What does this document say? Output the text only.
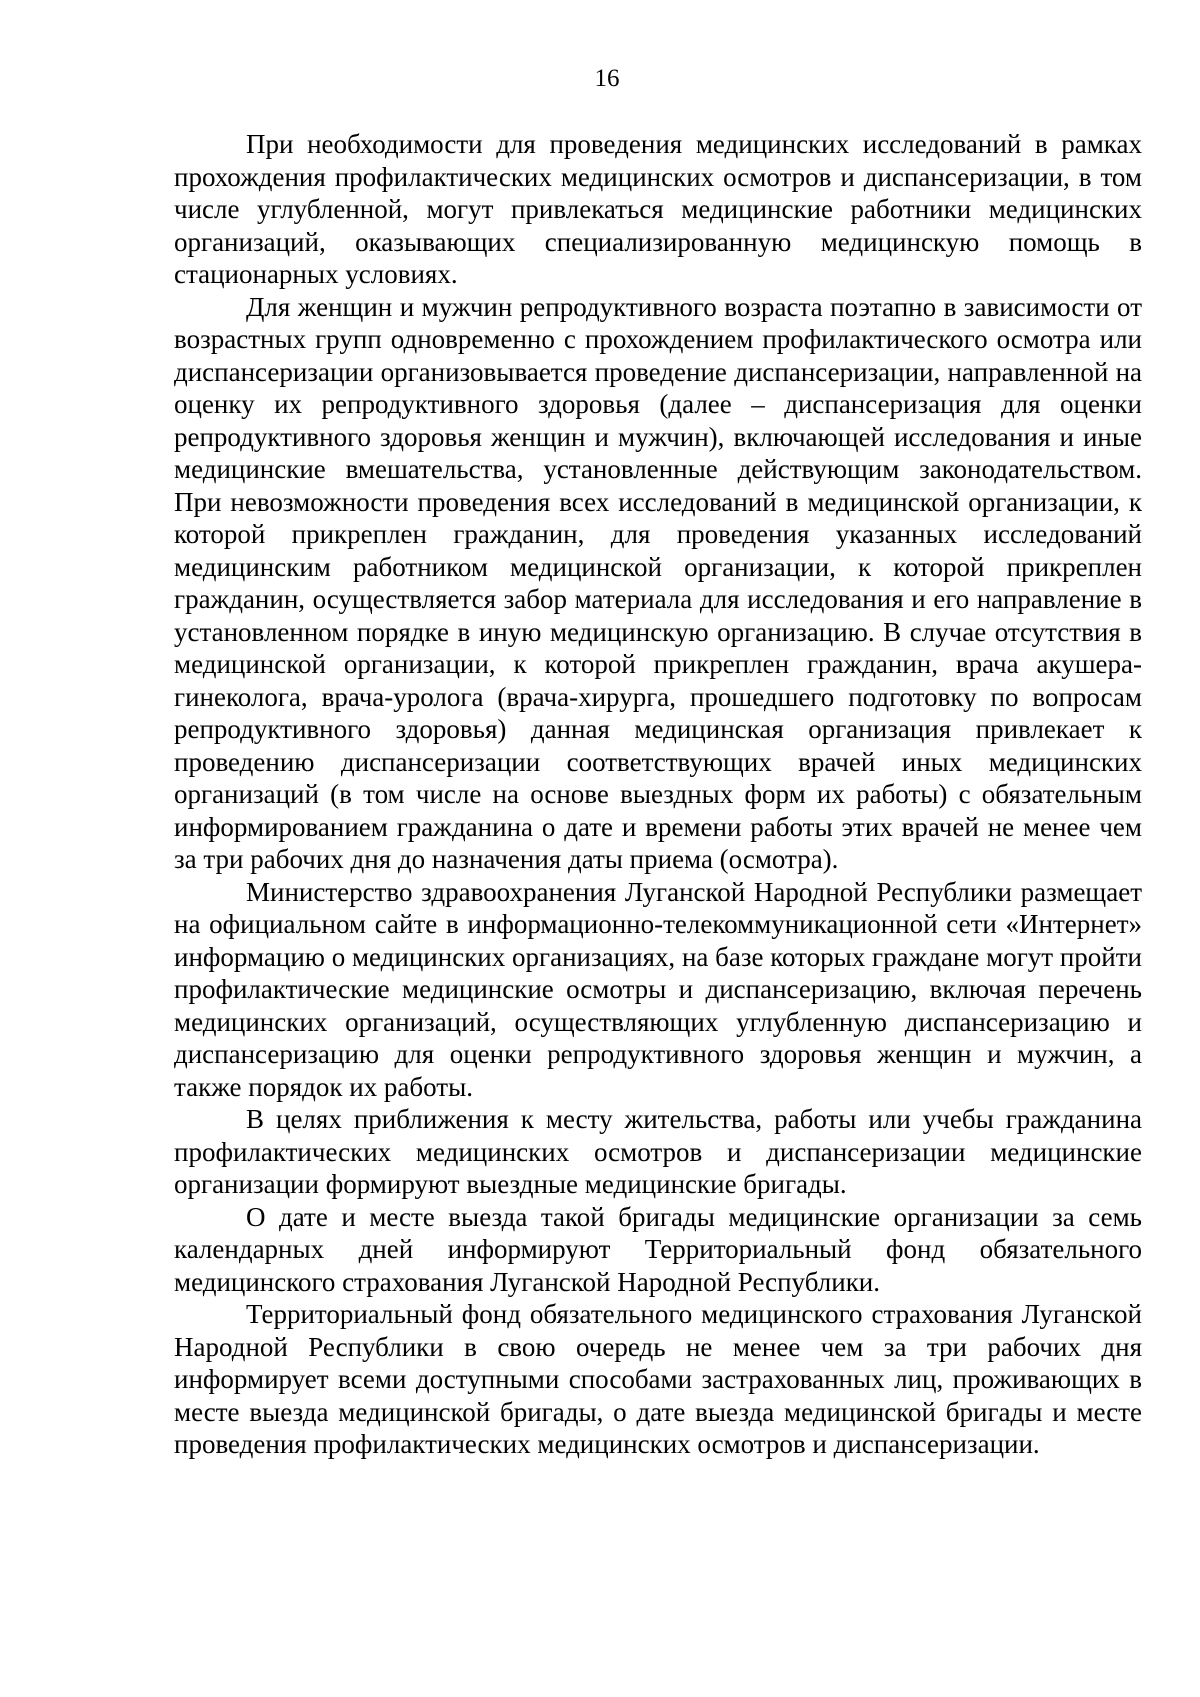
16

При необходимости для проведения медицинских исследований в рамках прохождения профилактических медицинских осмотров и диспансеризации, в том числе углубленной, могут привлекаться медицинские работники медицинских организаций, оказывающих специализированную медицинскую помощь в стационарных условиях.

Для женщин и мужчин репродуктивного возраста поэтапно в зависимости от возрастных групп одновременно с прохождением профилактического осмотра или диспансеризации организовывается проведение диспансеризации, направленной на оценку их репродуктивного здоровья (далее – диспансеризация для оценки репродуктивного здоровья женщин и мужчин), включающей исследования и иные медицинские вмешательства, установленные действующим законодательством. При невозможности проведения всех исследований в медицинской организации, к которой прикреплен гражданин, для проведения указанных исследований медицинским работником медицинской организации, к которой прикреплен гражданин, осуществляется забор материала для исследования и его направление в установленном порядке в иную медицинскую организацию. В случае отсутствия в медицинской организации, к которой прикреплен гражданин, врача акушера-гинеколога, врача-уролога (врача-хирурга, прошедшего подготовку по вопросам репродуктивного здоровья) данная медицинская организация привлекает к проведению диспансеризации соответствующих врачей иных медицинских организаций (в том числе на основе выездных форм их работы) с обязательным информированием гражданина о дате и времени работы этих врачей не менее чем за три рабочих дня до назначения даты приема (осмотра).

Министерство здравоохранения Луганской Народной Республики размещает на официальном сайте в информационно-телекоммуникационной сети «Интернет» информацию о медицинских организациях, на базе которых граждане могут пройти профилактические медицинские осмотры и диспансеризацию, включая перечень медицинских организаций, осуществляющих углубленную диспансеризацию и диспансеризацию для оценки репродуктивного здоровья женщин и мужчин, а также порядок их работы.

В целях приближения к месту жительства, работы или учебы гражданина профилактических медицинских осмотров и диспансеризации медицинские организации формируют выездные медицинские бригады.

О дате и месте выезда такой бригады медицинские организации за семь календарных дней информируют Территориальный фонд обязательного медицинского страхования Луганской Народной Республики.

Территориальный фонд обязательного медицинского страхования Луганской Народной Республики в свою очередь не менее чем за три рабочих дня информирует всеми доступными способами застрахованных лиц, проживающих в месте выезда медицинской бригады, о дате выезда медицинской бригады и месте проведения профилактических медицинских осмотров и диспансеризации.
